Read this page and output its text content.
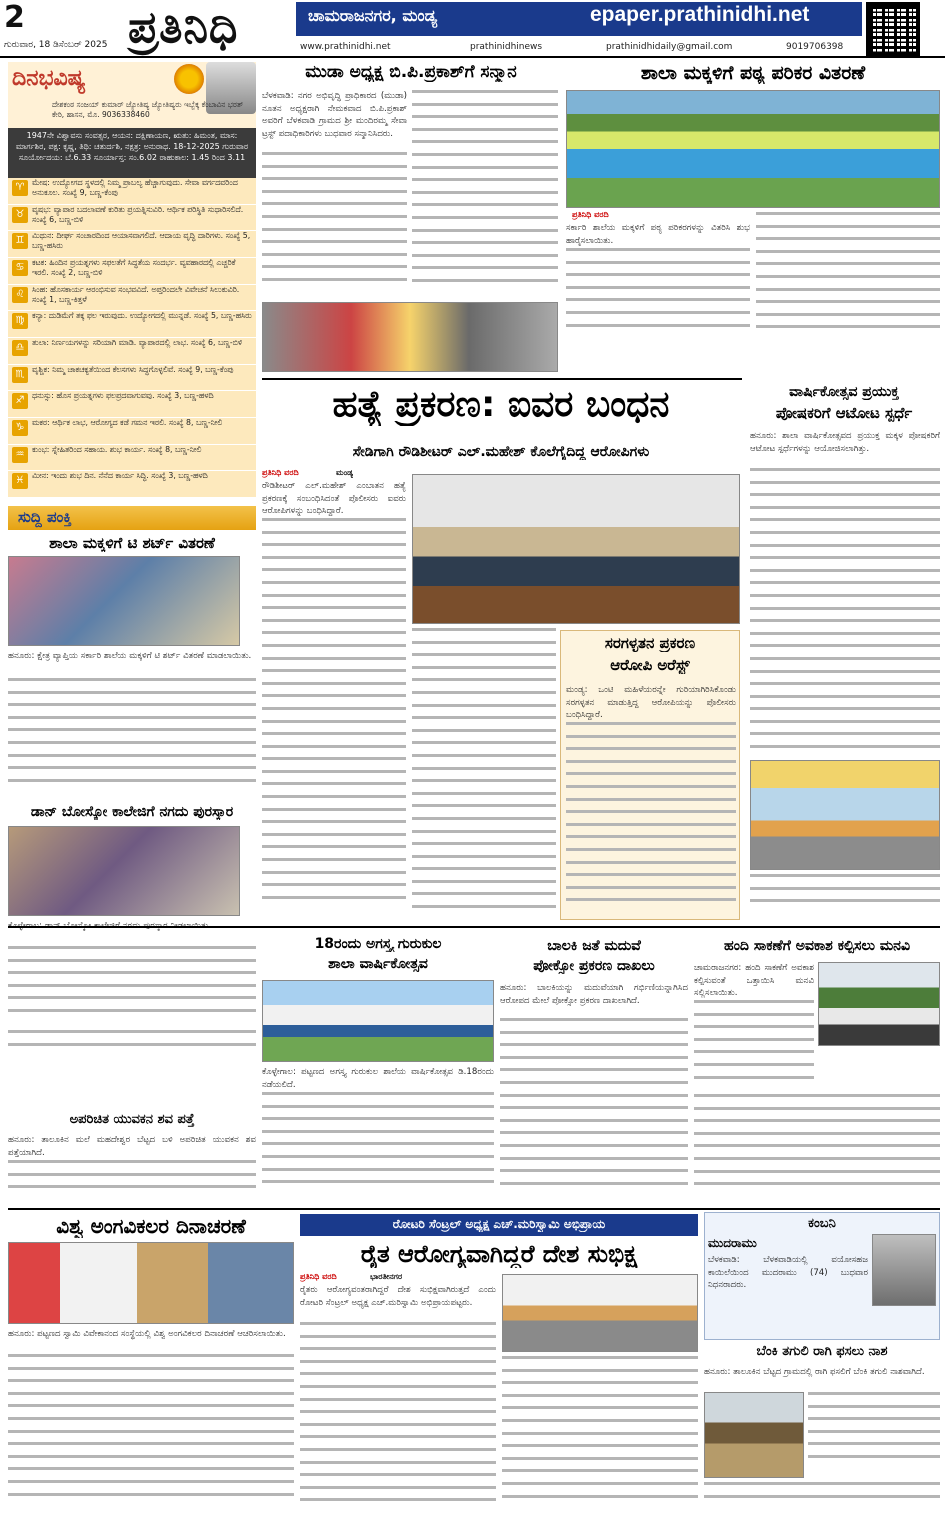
2
ಗುರುವಾರ, 18 ಡಿಸೆಂಬರ್ 2025 ಪ್ರತಿನಿಧಿ	ಚಾಮರಾಜನಗರ, ಮಂಡ್ಯ	epaper.prathinidhi.net
www.prathinidhi.net	prathinidhinews	prathinidhidaily@gmail.com	9019706398
ದಿನಭವಿಷ್ಯ
ದೇಶಕಂಠ ಸಂಜಯ್ ಕುಮಾರ್ ಜ್ಯೋತಿಷ್ಯ ಜ್ಯೋತಿಷ್ಯರು ಇಬ್ಬೆಕ್ಕ ಕೆಂಬಾವಿನ ಭರತ್ ಕೇರಿ, ಹಾಸನ, ಮೊ. 9036338460
1947ನೇ ವಿಶ್ವಾವಸು ಸಂವತ್ಸರ, ಆಯನ: ದಕ್ಷಿಣಾಯಣ, ಋತು: ಹಿಮಂತ, ಮಾಸ: ಮಾರ್ಗಶಿರ, ಪಕ್ಷ: ಕೃಷ್ಣ, ತಿಥಿ: ಚತುರ್ದಶಿ, ನಕ್ಷತ್ರ: ಅನುರಾಧ. 18-12-2025 ಗುರುವಾರ ಸೂರ್ಯೋದಯ: ಬೆ.6.33 ಸೂರ್ಯಾಸ್ತ: ಸಂ.6.02 ರಾಹುಕಾಲ: 1.45 ರಿಂದ 3.11
♈ ಮೇಷ: ಉದ್ಯೋಗದ ಸ್ಥಳದಲ್ಲಿ ನಿಮ್ಮ ಪ್ರಾಬಲ್ಯ ಹೆಚ್ಚಾಗುವುದು. ಸೇವಾ ವರ್ಗದವರಿಂದ ಅನುಕೂಲ. ಸಂಖ್ಯೆ 9, ಬಣ್ಣ-ಕೆಂಪು
♉ ವೃಷಭ: ವ್ಯಾಪಾರ ಬದಲಾವಣೆ ಕುರಿತು ಪ್ರಯತ್ನಿಸುವಿರಿ. ಆರ್ಥಿಕ ಪರಿಸ್ಥಿತಿ ಸುಧಾರಿಸಲಿದೆ. ಸಂಖ್ಯೆ 6, ಬಣ್ಣ-ಬಿಳಿ
♊ ಮಿಥುನ: ದೀರ್ಘ ಸಂಚಾರದಿಂದ ಆಯಾಸವಾಗಲಿದೆ. ಆದಾಯ ವೃದ್ಧಿ ದಾರಿಗಳು. ಸಂಖ್ಯೆ 5, ಬಣ್ಣ-ಹಸಿರು
♋ ಕಟಕ: ಹಿಂದಿನ ಪ್ರಯತ್ನಗಳು ಸಫಲತೆಗೆ ಸಿದ್ಧತೆಯ ಸಂದರ್ಭ. ವ್ಯವಹಾರದಲ್ಲಿ ಎಚ್ಚರಿಕೆ ಇರಲಿ. ಸಂಖ್ಯೆ 2, ಬಣ್ಣ-ಬಿಳಿ
♌ ಸಿಂಹ: ಹೊಸಕಾರ್ಯ ಆರಂಭಿಸುವ ಸಂಭವವಿದೆ. ಅಪ್ತರಿಂದಲೇ ವಿವೇಚನೆ ಸಿಲುಕುವಿರಿ. ಸಂಖ್ಯೆ 1, ಬಣ್ಣ-ಕಿತ್ತಳೆ
♍ ಕನ್ಯಾ: ದುಡಿಮೆಗೆ ತಕ್ಕ ಫಲ ಇರುವುದು. ಉದ್ಯೋಗದಲ್ಲಿ ಮುನ್ನಡೆ. ಸಂಖ್ಯೆ 5, ಬಣ್ಣ-ಹಸಿರು
♎ ತುಲಾ: ನಿರ್ಣಯಗಳನ್ನು ಸರಿಯಾಗಿ ಮಾಡಿ. ವ್ಯಾಪಾರದಲ್ಲಿ ಲಾಭ. ಸಂಖ್ಯೆ 6, ಬಣ್ಣ-ಬಿಳಿ
♏ ವೃಶ್ಚಿಕ: ನಿಮ್ಮ ಚಾಕಚಕ್ಯತೆಯಿಂದ ಕೆಲಸಗಳು ಸಿದ್ಧಗೊಳ್ಳಲಿವೆ. ಸಂಖ್ಯೆ 9, ಬಣ್ಣ-ಕೆಂಪು
♐ ಧನುಸ್ಸು: ಹೊಸ ಪ್ರಯತ್ನಗಳು ಫಲಪ್ರದವಾಗುವವು. ಸಂಖ್ಯೆ 3, ಬಣ್ಣ-ಹಳದಿ
♑ ಮಕರ: ಆರ್ಥಿಕ ಲಾಭ, ಆರೋಗ್ಯದ ಕಡೆ ಗಮನ ಇರಲಿ. ಸಂಖ್ಯೆ 8, ಬಣ್ಣ-ನೀಲಿ
♒ ಕುಂಭ: ಸ್ನೇಹಿತರಿಂದ ಸಹಾಯ. ಶುಭ ಕಾರ್ಯ. ಸಂಖ್ಯೆ 8, ಬಣ್ಣ-ನೀಲಿ
♓ ಮೀನ: ಇಂದು ಶುಭ ದಿನ. ನೆನೆದ ಕಾರ್ಯ ಸಿದ್ಧಿ. ಸಂಖ್ಯೆ 3, ಬಣ್ಣ-ಹಳದಿ
ಸುದ್ದಿ ಪಂಕ್ತಿ
ಶಾಲಾ ಮಕ್ಕಳಿಗೆ ಟಿ ಶರ್ಟ್ ವಿತರಣೆ
ಹನೂರು: ಕ್ಷೇತ್ರ ವ್ಯಾಪ್ತಿಯ ಸರ್ಕಾರಿ ಶಾಲೆಯ ಮಕ್ಕಳಿಗೆ ಟಿ ಶರ್ಟ್ ವಿತರಣೆ ಮಾಡಲಾಯಿತು.
ಡಾನ್ ಬೋಸ್ಕೋ ಕಾಲೇಜಿಗೆ ನಗದು ಪುರಸ್ಕಾರ
ಮುಡಾ ಅಧ್ಯಕ್ಷ ಬಿ.ಪಿ.ಪ್ರಕಾಶ್‌ಗೆ ಸನ್ಮಾನ
ಬೆಳಕವಾಡಿ: ನಗರ ಅಭಿವೃದ್ಧಿ ಪ್ರಾಧಿಕಾರದ (ಮುಡಾ) ನೂತನ ಅಧ್ಯಕ್ಷರಾಗಿ ನೇಮಕವಾದ ಬಿ.ಪಿ.ಪ್ರಕಾಶ್ ಅವರಿಗೆ ಬೆಳಕವಾಡಿ ಗ್ರಾಮದ ಶ್ರೀ ಮಂದಿರಮ್ಮ ಸೇವಾ ಟ್ರಸ್ಟ್ ಪದಾಧಿಕಾರಿಗಳು ಬುಧವಾರ ಸನ್ಮಾನಿಸಿದರು.
ಶಾಲಾ ಮಕ್ಕಳಿಗೆ ಪಠ್ಯ ಪರಿಕರ ವಿತರಣೆ
ಪ್ರತಿನಿಧಿ ವರದಿ
ಸರ್ಕಾರಿ ಶಾಲೆಯ ಮಕ್ಕಳಿಗೆ ಪಠ್ಯ ಪರಿಕರಗಳನ್ನು ವಿತರಿಸಿ ಶುಭ ಹಾರೈಸಲಾಯಿತು.
ಹತ್ಯೆ ಪ್ರಕರಣ: ಐವರ ಬಂಧನ
ಸೇಡಿಗಾಗಿ ರೌಡಿಶೀಟರ್ ಎಲ್.ಮಹೇಶ್ ಕೊಲೆಗೈದಿದ್ದ ಆರೋಪಿಗಳು
ಪ್ರತಿನಿಧಿ ವರದಿ	ಮಂಡ್ಯ
ರೌಡಿಶೀಟರ್ ಎಲ್.ಮಹೇಶ್ ಎಂಬಾತನ ಹತ್ಯೆ ಪ್ರಕರಣಕ್ಕೆ ಸಂಬಂಧಿಸಿದಂತೆ ಪೊಲೀಸರು ಐವರು ಆರೋಪಿಗಳನ್ನು ಬಂಧಿಸಿದ್ದಾರೆ.
ಸರಗಳ್ಳತನ ಪ್ರಕರಣ
ಆರೋಪಿ ಅರೆಸ್ಟ್
ಮಂಡ್ಯ: ಒಂಟಿ ಮಹಿಳೆಯರನ್ನೇ ಗುರಿಯಾಗಿರಿಸಿಕೊಂಡು ಸರಗಳ್ಳತನ ಮಾಡುತ್ತಿದ್ದ ಆರೋಪಿಯನ್ನು ಪೊಲೀಸರು ಬಂಧಿಸಿದ್ದಾರೆ.
ವಾರ್ಷಿಕೋತ್ಸವ ಪ್ರಯುಕ್ತ
ಪೋಷಕರಿಗೆ ಆಟೋಟ ಸ್ಪರ್ಧೆ
ಹನೂರು: ಶಾಲಾ ವಾರ್ಷಿಕೋತ್ಸವದ ಪ್ರಯುಕ್ತ ಮಕ್ಕಳ ಪೋಷಕರಿಗೆ ಆಟೋಟ ಸ್ಪರ್ಧೆಗಳನ್ನು ಆಯೋಜಿಸಲಾಗಿತ್ತು.
18ರಂದು ಅಗಸ್ತ್ಯ ಗುರುಕುಲ
ಶಾಲಾ ವಾರ್ಷಿಕೋತ್ಸವ
ಕೊಳ್ಳೇಗಾಲ: ಪಟ್ಟಣದ ಅಗಸ್ತ್ಯ ಗುರುಕುಲ ಶಾಲೆಯ ವಾರ್ಷಿಕೋತ್ಸವ ಡಿ.18ರಂದು ನಡೆಯಲಿದೆ.
ಅಪರಿಚಿತ ಯುವಕನ ಶವ ಪತ್ತೆ
ಹನೂರು: ತಾಲೂಕಿನ ಮಲೆ ಮಹದೇಶ್ವರ ಬೆಟ್ಟದ ಬಳಿ ಅಪರಿಚಿತ ಯುವಕನ ಶವ ಪತ್ತೆಯಾಗಿದೆ.
ಬಾಲಕಿ ಜತೆ ಮದುವೆ
ಪೋಕ್ಸೋ ಪ್ರಕರಣ ದಾಖಲು
ಹನೂರು: ಬಾಲಕಿಯನ್ನು ಮದುವೆಯಾಗಿ ಗರ್ಭಿಣಿಯನ್ನಾಗಿಸಿದ ಆರೋಪದ ಮೇಲೆ ಪೋಕ್ಸೋ ಪ್ರಕರಣ ದಾಖಲಾಗಿದೆ.
ಹಂದಿ ಸಾಕಣೆಗೆ ಅವಕಾಶ ಕಲ್ಪಿಸಲು ಮನವಿ
ಚಾಮರಾಜನಗರ: ಹಂದಿ ಸಾಕಣೆಗೆ ಅವಕಾಶ ಕಲ್ಪಿಸುವಂತೆ ಒತ್ತಾಯಿಸಿ ಮನವಿ ಸಲ್ಲಿಸಲಾಯಿತು.
ವಿಶ್ವ ಅಂಗವಿಕಲರ ದಿನಾಚರಣೆ
ಹನೂರು: ಪಟ್ಟಣದ ಸ್ವಾಮಿ ವಿವೇಕಾನಂದ ಸಂಸ್ಥೆಯಲ್ಲಿ ವಿಶ್ವ ಅಂಗವಿಕಲರ ದಿನಾಚರಣೆ ಆಚರಿಸಲಾಯಿತು.
ರೋಟರಿ ಸೆಂಟ್ರಲ್ ಅಧ್ಯಕ್ಷ ಎಚ್.ಮರಿಸ್ವಾಮಿ ಅಭಿಪ್ರಾಯ
ರೈತ ಆರೋಗ್ಯವಾಗಿದ್ದರೆ ದೇಶ ಸುಭಿಕ್ಷ
ಪ್ರತಿನಿಧಿ ವರದಿ	ಭಾರತೀನಗರ
ರೈತರು ಆರೋಗ್ಯವಂತರಾಗಿದ್ದರೆ ದೇಶ ಸುಭಿಕ್ಷವಾಗಿರುತ್ತದೆ ಎಂದು ರೋಟರಿ ಸೆಂಟ್ರಲ್ ಅಧ್ಯಕ್ಷ ಎಚ್.ಮರಿಸ್ವಾಮಿ ಅಭಿಪ್ರಾಯಪಟ್ಟರು.
ಕಂಬನಿ
ಮುದರಾಮು
ಬೆಳಕವಾಡಿ: ಬೆಳಕವಾಡಿಯಲ್ಲಿ ವಯೋಸಹಜ ಕಾಯಿಲೆಯಿಂದ ಮುದರಾಮು (74) ಬುಧವಾರ ನಿಧನರಾದರು.
ಬೆಂಕಿ ತಗುಲಿ ರಾಗಿ ಫಸಲು ನಾಶ
ಹನೂರು: ತಾಲೂಕಿನ ಬೆಟ್ಟದ ಗ್ರಾಮದಲ್ಲಿ ರಾಗಿ ಫಸಲಿಗೆ ಬೆಂಕಿ ತಗುಲಿ ನಾಶವಾಗಿದೆ.
